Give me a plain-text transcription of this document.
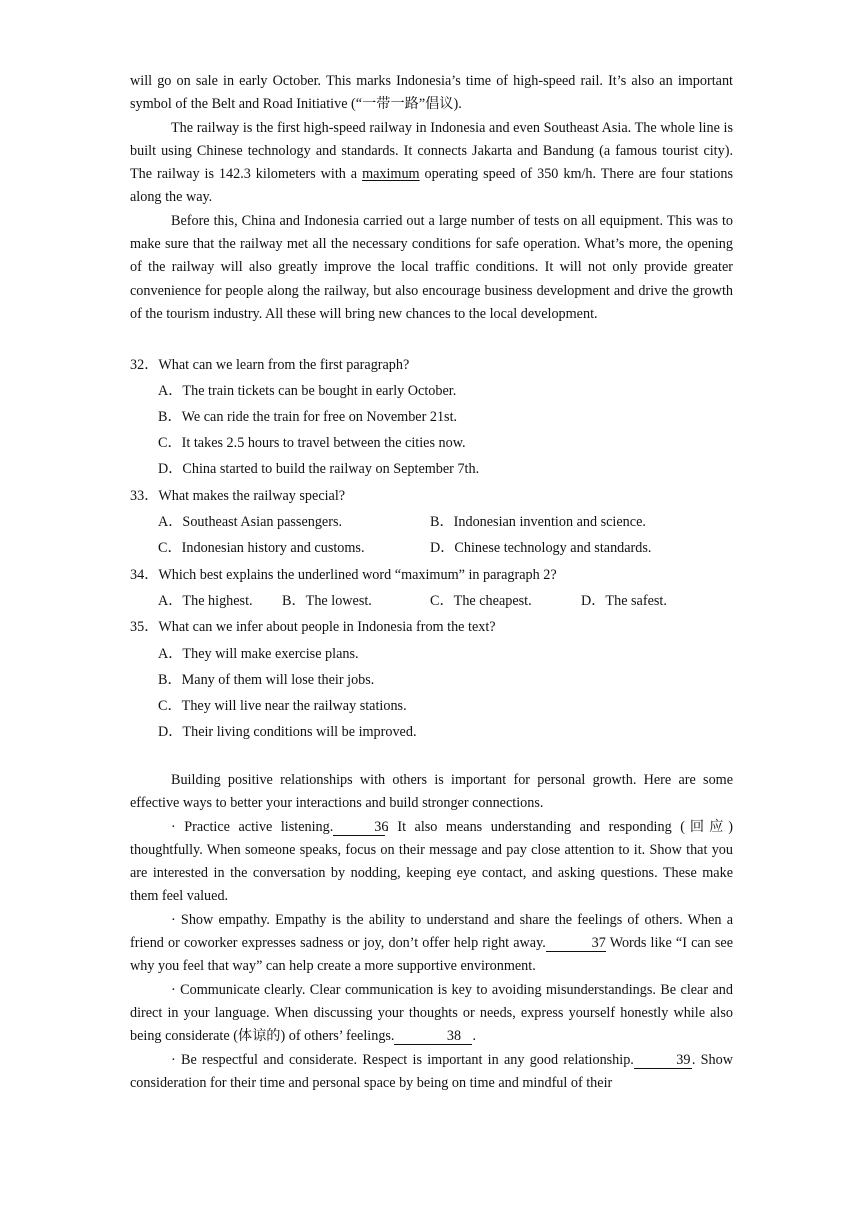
will go on sale in early October. This marks Indonesia’s time of high-speed rail. It’s also an important symbol of the Belt and Road Initiative (“一带一路”倡议).

The railway is the first high-speed railway in Indonesia and even Southeast Asia. The whole line is built using Chinese technology and standards. It connects Jakarta and Bandung (a famous tourist city). The railway is 142.3 kilometers with a maximum operating speed of 350 km/h. There are four stations along the way.

Before this, China and Indonesia carried out a large number of tests on all equipment. This was to make sure that the railway met all the necessary conditions for safe operation. What’s more, the opening of the railway will also greatly improve the local traffic conditions. It will not only provide greater convenience for people along the railway, but also encourage business development and drive the growth of the tourism industry. All these will bring new chances to the local development.

32．What can we learn from the first paragraph?
A．The train tickets can be bought in early October.
B．We can ride the train for free on November 21st.
C．It takes 2.5 hours to travel between the cities now.
D．China started to build the railway on September 7th.
33．What makes the railway special?
A．Southeast Asian passengers.	B．Indonesian invention and science.
C．Indonesian history and customs.	D．Chinese technology and standards.
34．Which best explains the underlined word “maximum” in paragraph 2?
A．The highest. B．The lowest.	C．The cheapest.	D．The safest.
35．What can we infer about people in Indonesia from the text?
A．They will make exercise plans.
B．Many of them will lose their jobs.
C．They will live near the railway stations.
D．Their living conditions will be improved.

Building positive relationships with others is important for personal growth. Here are some effective ways to better your interactions and build stronger connections.

· Practice active listening.	36. It also means understanding and responding (回应) thoughtfully. When someone speaks, focus on their message and pay close attention to it. Show that you are interested in the conversation by nodding, keeping eye contact, and asking questions. These make them feel valued.

· Show empathy. Empathy is the ability to understand and share the feelings of others. When a friend or coworker expresses sadness or joy, don’t offer help right away.	37 Words like “I can see why you feel that way” can help create a more supportive environment.

· Communicate clearly. Clear communication is key to avoiding misunderstandings. Be clear and direct in your language. When discussing your thoughts or needs, express yourself honestly while also being considerate (体谅的) of others’ feelings.	38 .

· Be respectful and considerate. Respect is important in any good relationship.	39. Show consideration for their time and personal space by being on time and mindful of their
